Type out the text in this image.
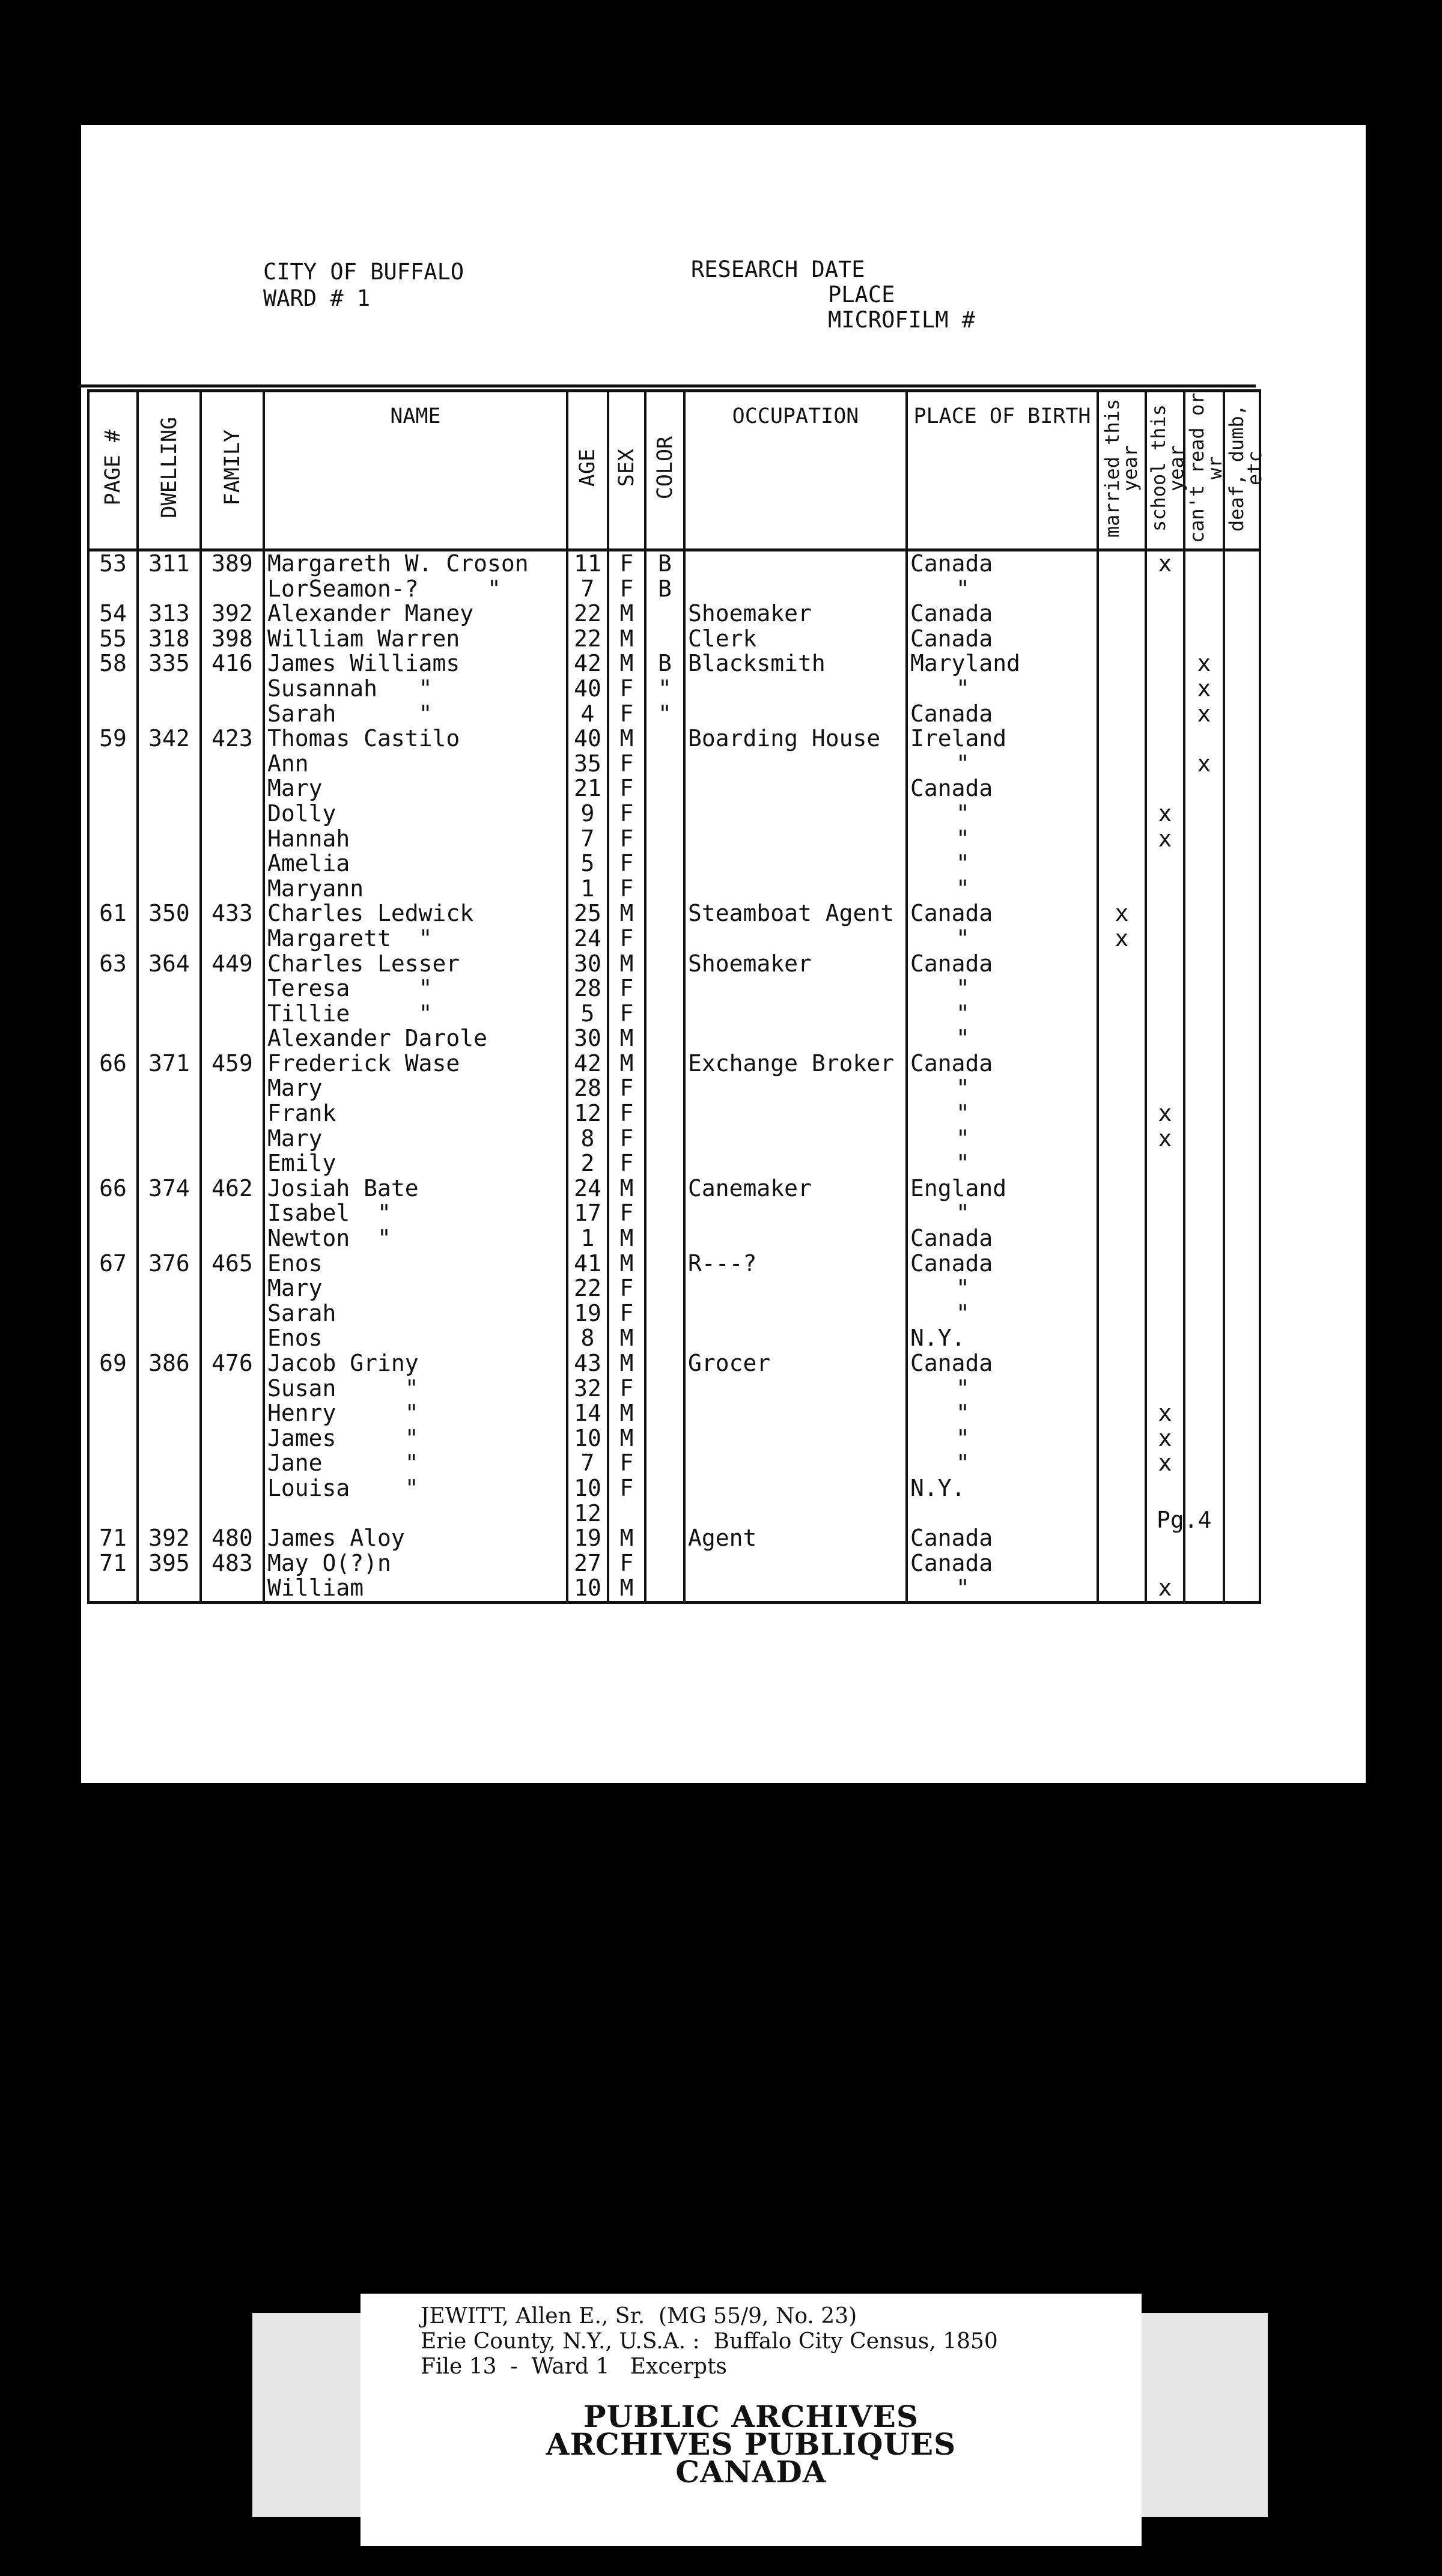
CITY OF BUFFALO
WARD # 1
RESEARCH DATE
PLACE
MICROFILM #
PAGE #	DWELLING	FAMILY	NAME	AGE	SEX	COLOR	OCCUPATION	PLACE OF BIRTH	married this year	school this year	can't read or wr	deaf, dumb, etc
53	311	389	Margareth W. Croson	11	F	B		Canada		x		
			LorSeamon-?     "	7	F	B		"				
54	313	392	Alexander Maney	22	M		Shoemaker	Canada				
55	318	398	William Warren	22	M		Clerk	Canada				
58	335	416	James Williams	42	M	B	Blacksmith	Maryland			x	
			Susannah   "	40	F	"		"			x	
			Sarah      "	4	F	"		Canada			x	
59	342	423	Thomas Castilo	40	M		Boarding House	Ireland				
			Ann	35	F			"			x	
			Mary	21	F			Canada				
			Dolly	9	F			"		x		
			Hannah	7	F			"		x		
			Amelia	5	F			"				
			Maryann	1	F			"				
61	350	433	Charles Ledwick	25	M		Steamboat Agent	Canada	x			
			Margarett  "	24	F			"	x			
63	364	449	Charles Lesser	30	M		Shoemaker	Canada				
			Teresa     "	28	F			"				
			Tillie     "	5	F			"				
			Alexander Darole	30	M			"				
66	371	459	Frederick Wase	42	M		Exchange Broker	Canada				
			Mary	28	F			"				
			Frank	12	F			"		x		
			Mary	8	F			"		x		
			Emily	2	F			"				
66	374	462	Josiah Bate	24	M		Canemaker	England				
			Isabel  "	17	F			"				
			Newton  "	1	M			Canada				
67	376	465	Enos	41	M		R---?	Canada				
			Mary	22	F			"				
			Sarah	19	F			"				
			Enos	8	M			N.Y.				
69	386	476	Jacob Griny	43	M		Grocer	Canada				
			Susan     "	32	F			"				
			Henry     "	14	M			"		x		
			James     "	10	M			"		x		
			Jane      "	7	F			"		x		
			Louisa    "	10	F			N.Y.				
				12								
71	392	480	James Aloy	19	M		Agent	Canada				
71	395	483	May O(?)n	27	F			Canada				
			William	10	M			"		x		
Pg.4
JEWITT, Allen E., Sr.  (MG 55/9, No. 23)
Erie County, N.Y., U.S.A. :  Buffalo City Census, 1850
File 13  -  Ward 1   Excerpts
PUBLIC ARCHIVES
ARCHIVES PUBLIQUES
CANADA
